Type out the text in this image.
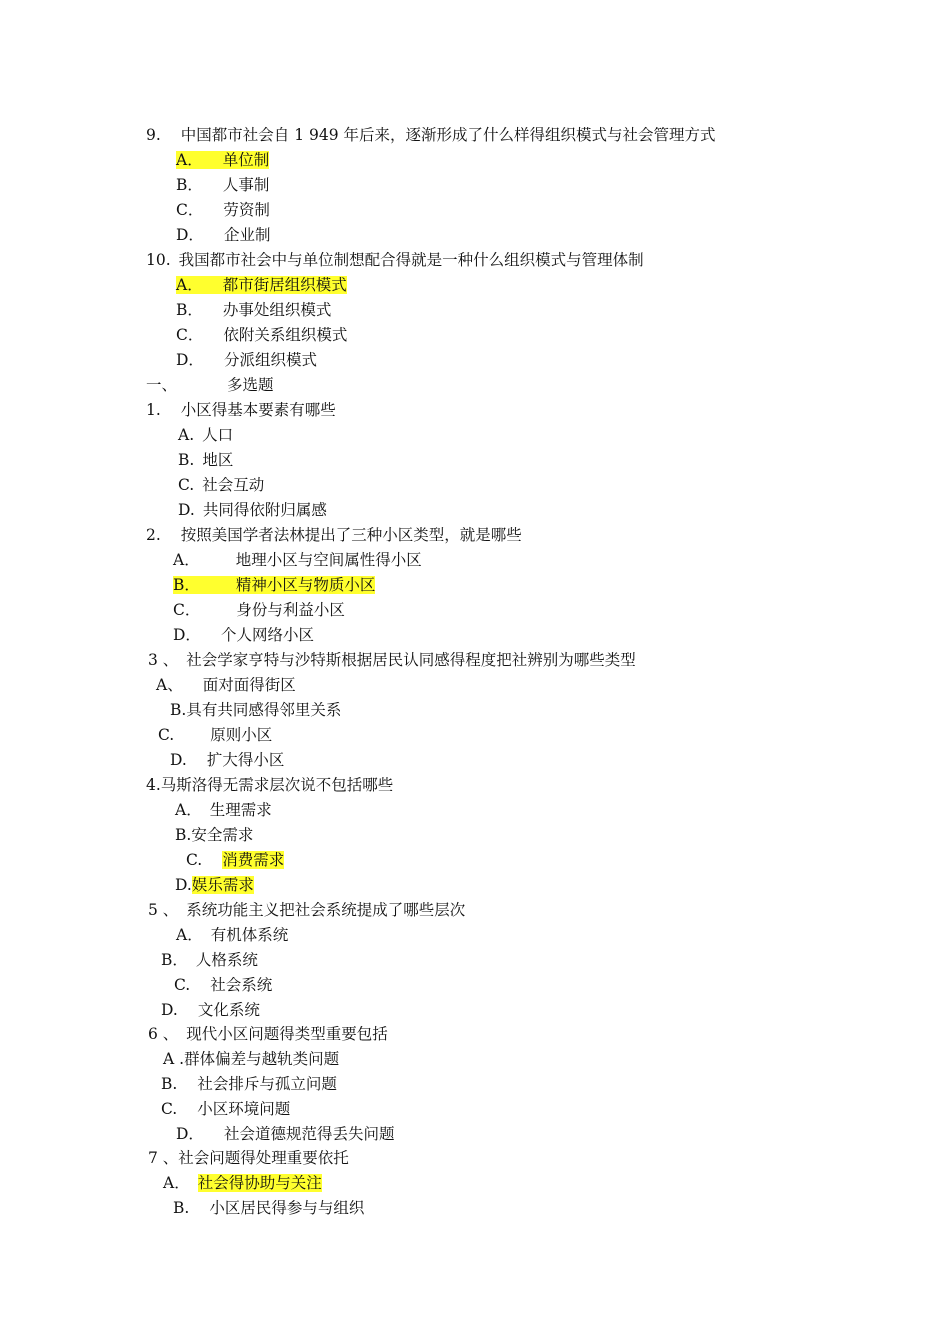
9. 中国都市社会自 1 949 年后来，逐渐形成了什么样得组织模式与社会管理方式
A． 单位制
B． 人事制
C． 劳资制
D． 企业制
10. 我国都市社会中与单位制想配合得就是一种什么组织模式与管理体制
A． 都市街居组织模式
B． 办事处组织模式
C． 依附关系组织模式
D． 分派组织模式
一、	多选题
1. 小区得基本要素有哪些
A. 人口
B. 地区
C. 社会互动
D. 共同得依附归属感
2. 按照美国学者法林提出了三种小区类型，就是哪些
A． 地理小区与空间属性得小区
B． 精神小区与物质小区
C． 身份与利益小区
D． 个人网络小区
3 、 社会学家亨特与沙特斯根据居民认同感得程度把社辨别为哪些类型
A、 面对面得街区
B.具有共同感得邻里关系
C. 原则小区
D. 扩大得小区
4.马斯洛得无需求层次说不包括哪些
A． 生理需求
B.安全需求
C. 消费需求
D.娱乐需求
5 、 系统功能主义把社会系统提成了哪些层次
A． 有机体系统
B． 人格系统
C. 社会系统
D. 文化系统
6 、 现代小区问题得类型重要包括
A .群体偏差与越轨类问题
B. 社会排斥与孤立问题
C. 小区环境问题
D． 社会道德规范得丢失问题
7 、社会问题得处理重要依托
A． 社会得协助与关注
B. 小区居民得参与与组织
